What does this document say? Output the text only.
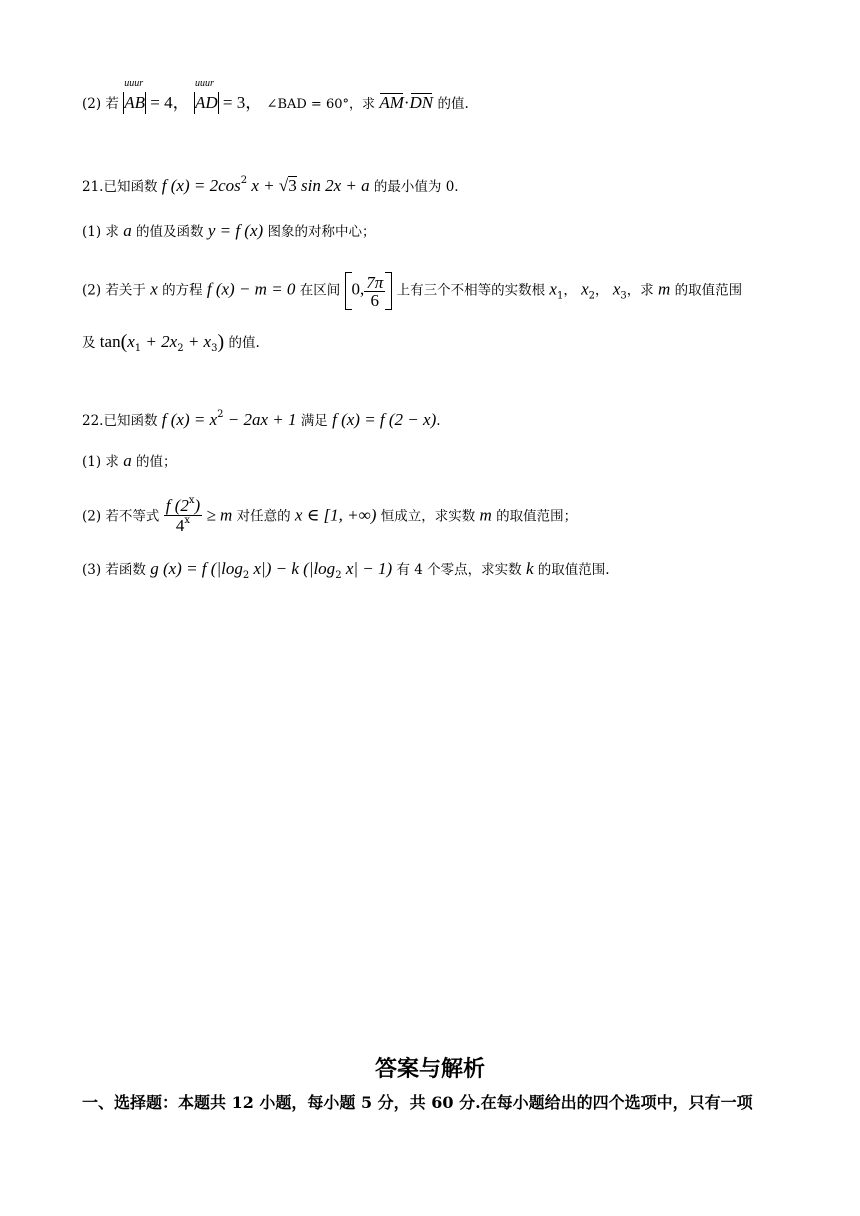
(2) 若
uuur
AB = 4，
uuur
AD = 3， ∠BAD = 60°，求 AM·
DN 的值.
21.已知函数 f $(x) = 2\cos^2$ x + √3 sin 2x + a 的最小值为 0.
(1) 求 a 的值及函数 y = f (x) 图象的对称中心；
(2) 若关于 x 的方程 f (x) − m = 0 在区间 0, $\frac{7\pi}{6}$ 上有三个不相等的实数根 $x_1$， $x_2$， $x_3$，求 m 的取值范围
及 $\tan(x_1 + 2x_2 + x_3)$ 的值.
22.已知函数 f $(x) = x^2 - 2ax + 1$ 满足 f (x) = f (2 − x).
(1) 求 a 的值；
(2) 若不等式 $\frac{f (2^x)}{4^x} \ge m$ 对任意的 x ∈ [1, +∞) 恒成立，求实数 m 的取值范围；
(3) 若函数 g (x) = f ($|\log_2$ x|) − k ($|\log_2$ x| − 1) 有 4 个零点，求实数 k 的取值范围.
答案与解析
一、选择题：本题共 12 小题，每小题 5 分，共 60 分.在每小题给出的四个选项中，只有一项
